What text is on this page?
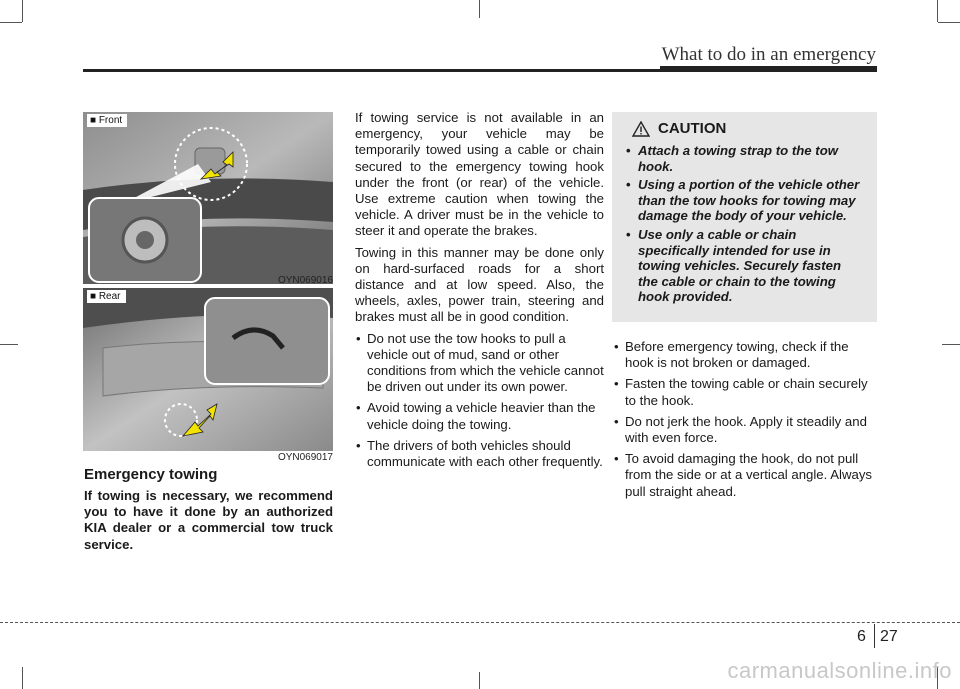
What to do in an emergency
■ Front
OYN069016
■ Rear
OYN069017
Emergency towing
If towing is necessary, we recommend you to have it done by an authorized KIA dealer or a commercial tow truck service.

If towing service is not available in an emergency, your vehicle may be temporarily towed using a cable or chain secured to the emergency towing hook under the front (or rear) of the vehicle. Use extreme caution when towing the vehicle. A driver must be in the vehicle to steer it and operate the brakes.

Towing in this manner may be done only on hard-surfaced roads for a short distance and at low speed. Also, the wheels, axles, power train, steering and brakes must all be in good condition.

• Do not use the tow hooks to pull a vehicle out of mud, sand or other conditions from which the vehicle cannot be driven out under its own power.
• Avoid towing a vehicle heavier than the vehicle doing the towing.
• The drivers of both vehicles should communicate with each other frequently.
CAUTION
• Attach a towing strap to the tow hook.
• Using a portion of the vehicle other than the tow hooks for towing may damage the body of your vehicle.
• Use only a cable or chain specifically intended for use in towing vehicles. Securely fasten the cable or chain to the towing hook provided.
• Before emergency towing, check if the hook is not broken or damaged.
• Fasten the towing cable or chain securely to the hook.
• Do not jerk the hook. Apply it steadily and with even force.
• To avoid damaging the hook, do not pull from the side or at a vertical angle. Always pull straight ahead.
6 27
carmanualsonline.info
